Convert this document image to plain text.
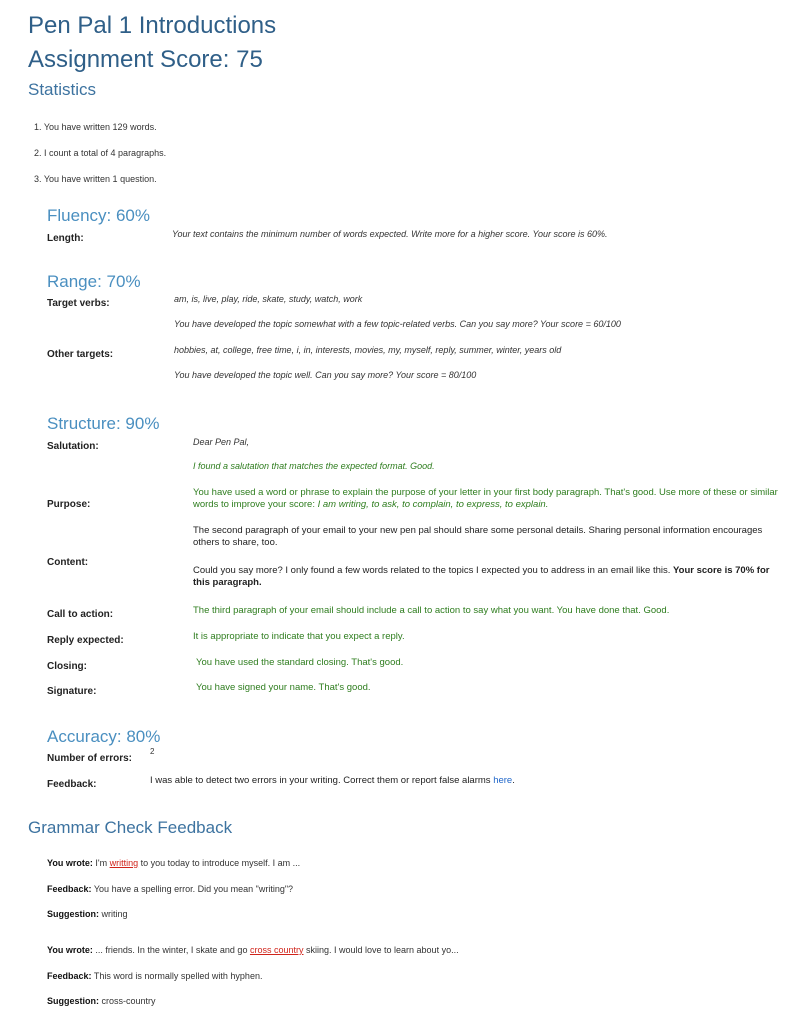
Pen Pal 1 Introductions
Assignment Score: 75
Statistics
1. You have written 129 words.
2. I count a total of 4 paragraphs.
3. You have written 1 question.
Fluency: 60%
Length:	Your text contains the minimum number of words expected. Write more for a higher score. Your score is 60%.
Range: 70%
Target verbs:	am, is, live, play, ride, skate, study, watch, work
You have developed the topic somewhat with a few topic-related verbs. Can you say more? Your score = 60/100
Other targets:	hobbies, at, college, free time, i, in, interests, movies, my, myself, reply, summer, winter, years old
You have developed the topic well. Can you say more? Your score = 80/100
Structure: 90%
Salutation:	Dear Pen Pal,
I found a salutation that matches the expected format. Good.
Purpose:
You have used a word or phrase to explain the purpose of your letter in your first body paragraph. That's good. Use more of these or similar words to improve your score: I am writing, to ask, to complain, to express, to explain.
Content:
The second paragraph of your email to your new pen pal should share some personal details. Sharing personal information encourages others to share, too.
Could you say more? I only found a few words related to the topics I expected you to address in an email like this. Your score is 70% for this paragraph.
Call to action:	The third paragraph of your email should include a call to action to say what you want. You have done that. Good.
Reply expected:	It is appropriate to indicate that you expect a reply.
Closing:	You have used the standard closing. That's good.
Signature:	You have signed your name. That's good.
Accuracy: 80%
Number of errors:
2
Feedback:	I was able to detect two errors in your writing. Correct them or report false alarms here.
Grammar Check Feedback
You wrote: I'm writting to you today to introduce myself. I am ...
Feedback: You have a spelling error. Did you mean "writing"?
Suggestion: writing
You wrote: ... friends. In the winter, I skate and go cross country skiing. I would love to learn about yo...
Feedback: This word is normally spelled with hyphen.
Suggestion: cross-country
